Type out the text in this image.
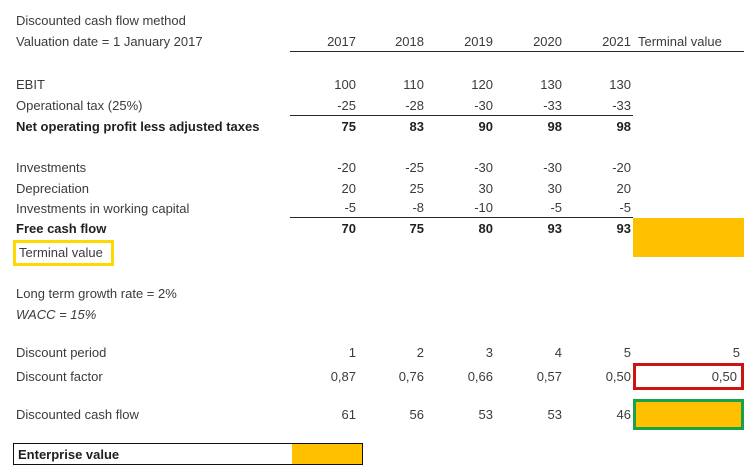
Discounted cash flow method						
Valuation date = 1 January 2017	2017	2018	2019	2020	2021	Terminal value

EBIT	100	110	120	130	130	
Operational tax (25%)	-25	-28	-30	-33	-33	
Net operating profit less adjusted taxes	75	83	90	98	98	

Investments	-20	-25	-30	-30	-20	
Depreciation	20	25	30	30	20	
Investments in working capital	-5	-8	-10	-5	-5	
Free cash flow	70	75	80	93	93	
Terminal value						

Long term growth rate = 2%						
WACC = 15%						

Discount period	1	2	3	4	5	5
Discount factor	0,87	0,76	0,66	0,57	0,50	0,50

Discounted cash flow	61	56	53	53	46	

Enterprise value						
